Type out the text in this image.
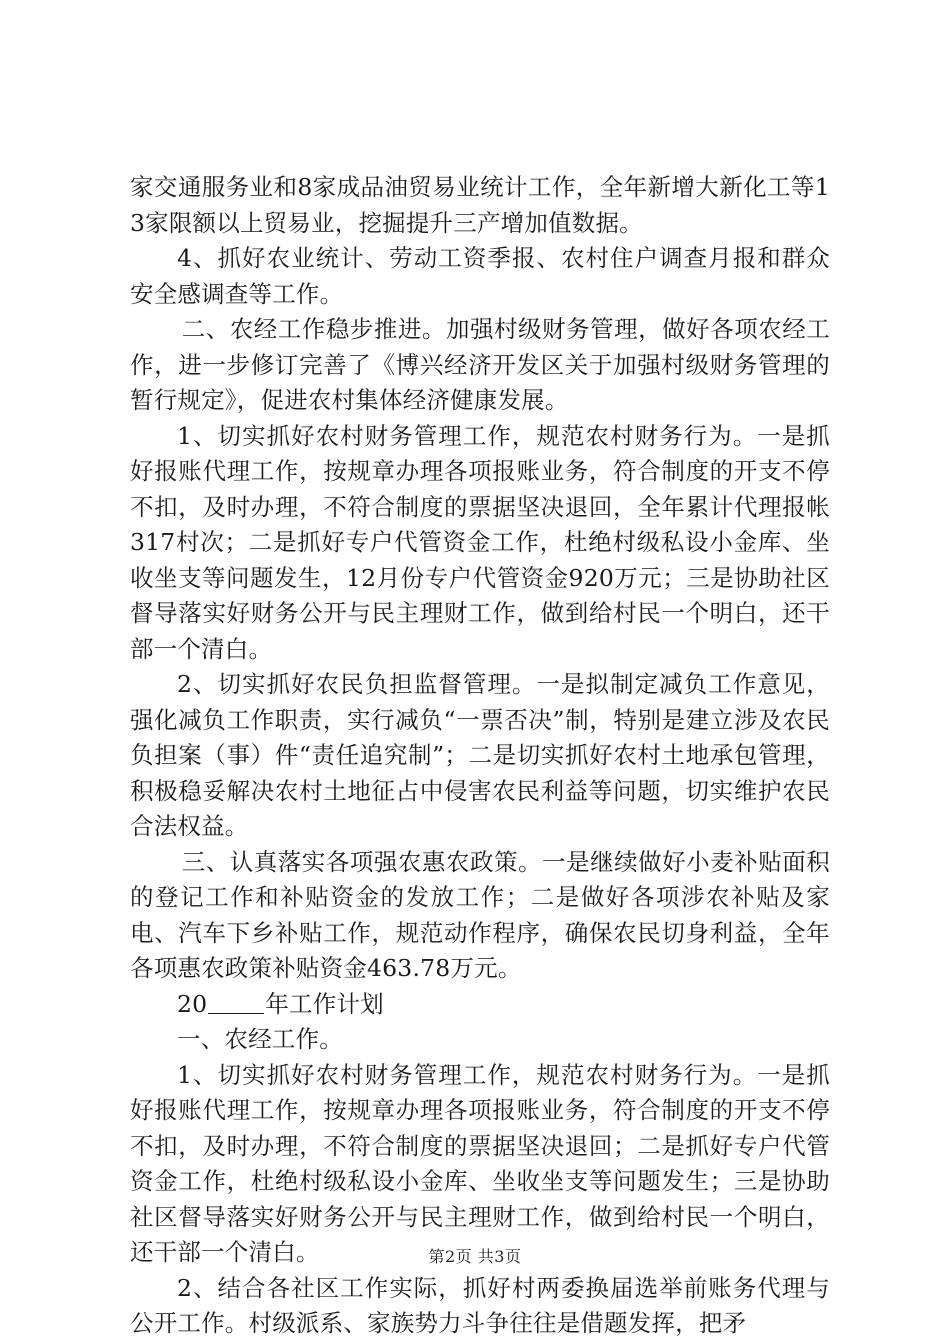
家交通服务业和8家成品油贸易业统计工作，全年新增大新化工等13家限额以上贸易业，挖掘提升三产增加值数据。

4、抓好农业统计、劳动工资季报、农村住户调查月报和群众安全感调查等工作。

二、农经工作稳步推进。加强村级财务管理，做好各项农经工作，进一步修订完善了《博兴经济开发区关于加强村级财务管理的暂行规定》，促进农村集体经济健康发展。

1、切实抓好农村财务管理工作，规范农村财务行为。一是抓好报账代理工作，按规章办理各项报账业务，符合制度的开支不停不扣，及时办理，不符合制度的票据坚决退回，全年累计代理报帐317村次；二是抓好专户代管资金工作，杜绝村级私设小金库、坐收坐支等问题发生，12月份专户代管资金920万元；三是协助社区督导落实好财务公开与民主理财工作，做到给村民一个明白，还干部一个清白。

2、切实抓好农民负担监督管理。一是拟制定减负工作意见，强化减负工作职责，实行减负“一票否决”制，特别是建立涉及农民负担案（事）件“责任追究制”；二是切实抓好农村土地承包管理，积极稳妥解决农村土地征占中侵害农民利益等问题，切实维护农民合法权益。

三、认真落实各项强农惠农政策。一是继续做好小麦补贴面积的登记工作和补贴资金的发放工作；二是做好各项涉农补贴及家电、汽车下乡补贴工作，规范动作程序，确保农民切身利益，全年各项惠农政策补贴资金463.78万元。

20 年工作计划

一、农经工作。

1、切实抓好农村财务管理工作，规范农村财务行为。一是抓好报账代理工作，按规章办理各项报账业务，符合制度的开支不停不扣，及时办理，不符合制度的票据坚决退回；二是抓好专户代管资金工作，杜绝村级私设小金库、坐收坐支等问题发生；三是协助社区督导落实好财务公开与民主理财工作，做到给村民一个明白，还干部一个清白。

2、结合各社区工作实际，抓好村两委换届选举前账务代理与公开工作。村级派系、家族势力斗争往往是借题发挥，把矛

第2页 共3页
